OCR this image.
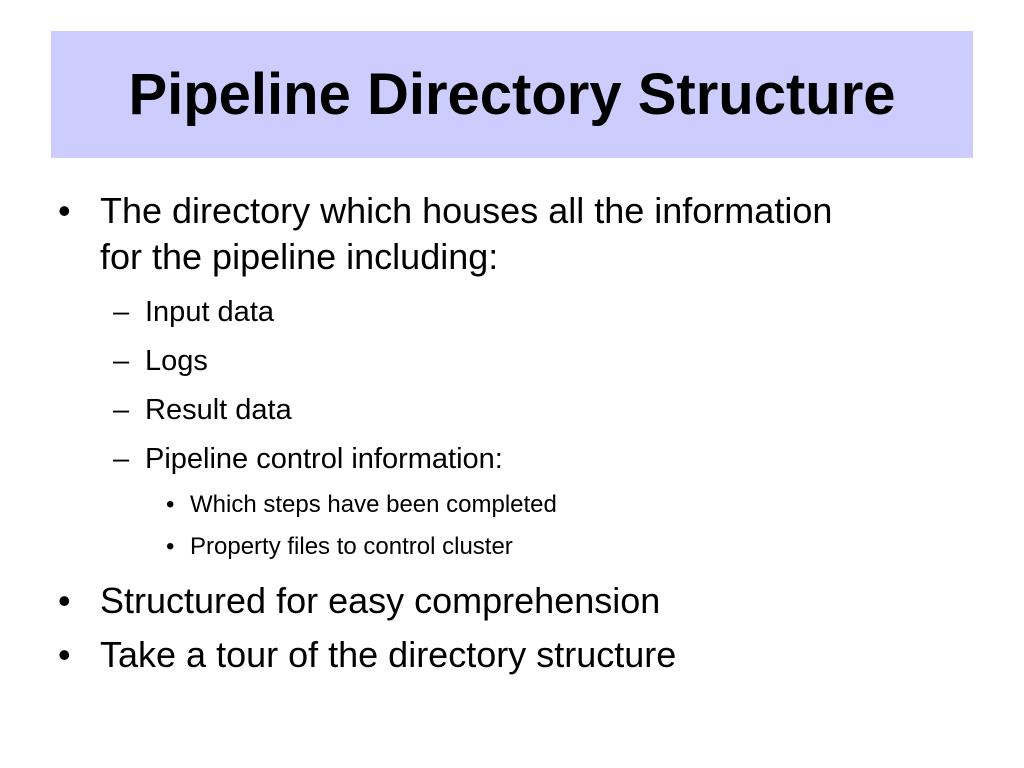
Pipeline Directory Structure
• The directory which houses all the information
for the pipeline including:
– Input data
– Logs
– Result data
– Pipeline control information:
• Which steps have been completed
• Property files to control cluster
• Structured for easy comprehension
• Take a tour of the directory structure
